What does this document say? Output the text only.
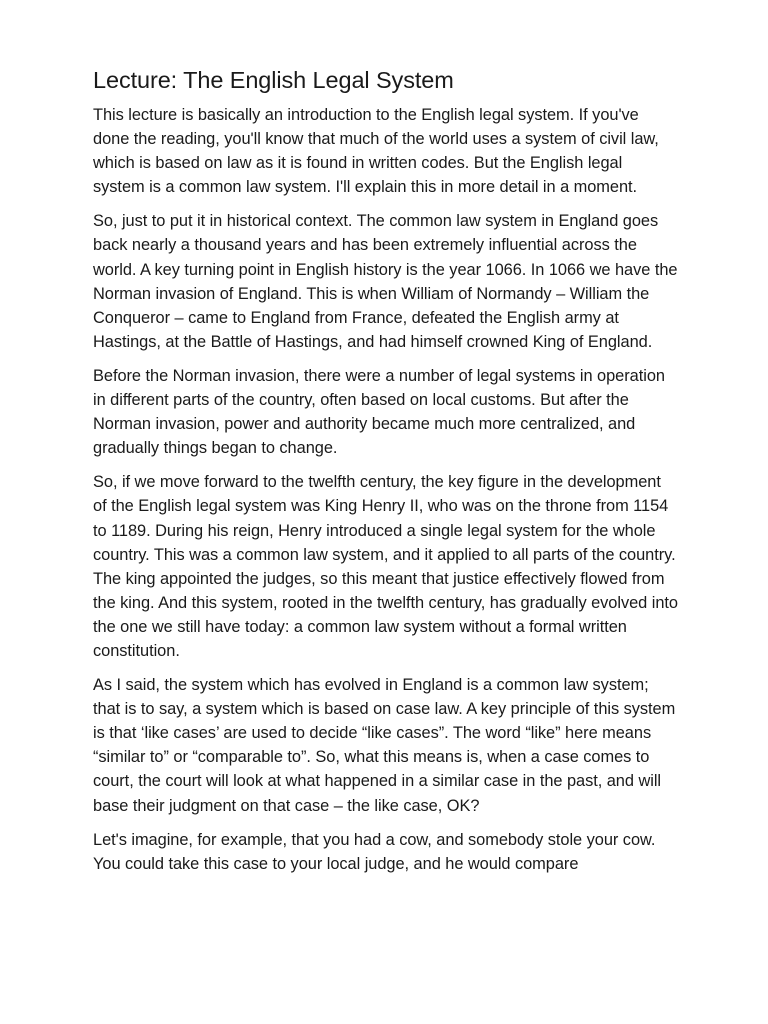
Lecture: The English Legal System

This lecture is basically an introduction to the English legal system. If you've done the reading, you'll know that much of the world uses a system of civil law, which is based on law as it is found in written codes. But the English legal system is a common law system. I'll explain this in more detail in a moment.

So, just to put it in historical context. The common law system in England goes back nearly a thousand years and has been extremely influential across the world. A key turning point in English history is the year 1066. In 1066 we have the Norman invasion of England. This is when William of Normandy – William the Conqueror – came to England from France, defeated the English army at Hastings, at the Battle of Hastings, and had himself crowned King of England.

Before the Norman invasion, there were a number of legal systems in operation in different parts of the country, often based on local customs. But after the Norman invasion, power and authority became much more centralized, and gradually things began to change.

So, if we move forward to the twelfth century, the key figure in the development of the English legal system was King Henry II, who was on the throne from 1154 to 1189. During his reign, Henry introduced a single legal system for the whole country. This was a common law system, and it applied to all parts of the country. The king appointed the judges, so this meant that justice effectively flowed from the king. And this system, rooted in the twelfth century, has gradually evolved into the one we still have today: a common law system without a formal written constitution.

As I said, the system which has evolved in England is a common law system; that is to say, a system which is based on case law. A key principle of this system is that ‘like cases’ are used to decide “like cases”. The word “like” here means “similar to” or “comparable to”. So, what this means is, when a case comes to court, the court will look at what happened in a similar case in the past, and will base their judgment on that case – the like case, OK?

Let's imagine, for example, that you had a cow, and somebody stole your cow. You could take this case to your local judge, and he would compare
